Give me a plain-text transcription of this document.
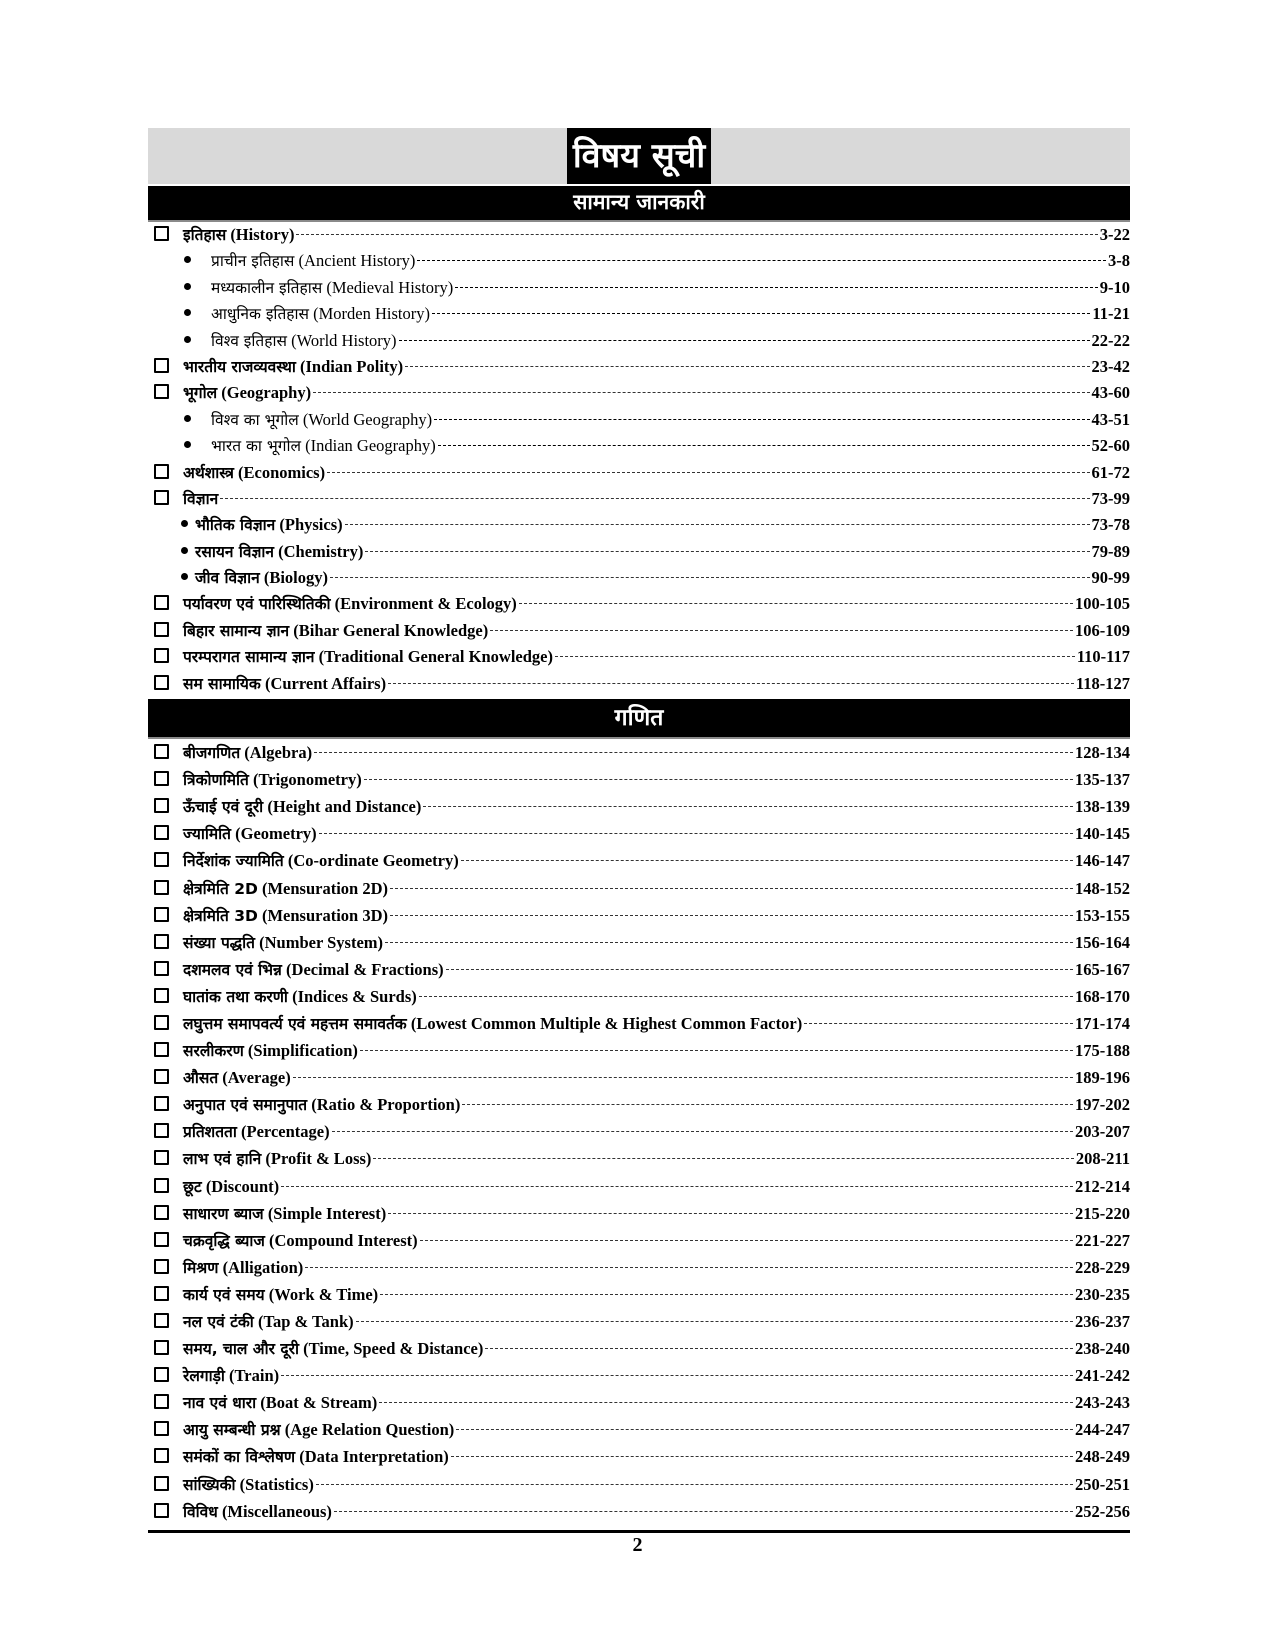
विषय सूची
सामान्य जानकारी
इतिहास (History)	3-22
प्राचीन इतिहास (Ancient History)	3-8
मध्यकालीन इतिहास (Medieval History)	9-10
आधुनिक इतिहास (Morden History)	11-21
विश्व इतिहास (World History)	22-22
भारतीय राजव्यवस्था (Indian Polity)	23-42
भूगोल (Geography)	43-60
विश्व का भूगोल (World Geography)	43-51
भारत का भूगोल (Indian Geography)	52-60
अर्थशास्त्र (Economics)	61-72
विज्ञान	73-99
भौतिक विज्ञान (Physics)	73-78
रसायन विज्ञान (Chemistry)	79-89
जीव विज्ञान (Biology)	90-99
पर्यावरण एवं पारिस्थितिकी (Environment & Ecology)	100-105
बिहार सामान्य ज्ञान (Bihar General Knowledge)	106-109
परम्परागत सामान्य ज्ञान (Traditional General Knowledge)	110-117
सम सामायिक (Current Affairs)	118-127
गणित
बीजगणित (Algebra)	128-134
त्रिकोणमिति (Trigonometry)	135-137
ऊँचाई एवं दूरी (Height and Distance)	138-139
ज्यामिति (Geometry)	140-145
निर्देशांक ज्यामिति (Co-ordinate Geometry)	146-147
क्षेत्रमिति 2D (Mensuration 2D)	148-152
क्षेत्रमिति 3D (Mensuration 3D)	153-155
संख्या पद्धति (Number System)	156-164
दशमलव एवं भिन्न (Decimal & Fractions)	165-167
घातांक तथा करणी (Indices & Surds)	168-170
लघुत्तम समापवर्त्य एवं महत्तम समावर्तक (Lowest Common Multiple & Highest Common Factor)	171-174
सरलीकरण (Simplification)	175-188
औसत (Average)	189-196
अनुपात एवं समानुपात (Ratio & Proportion)	197-202
प्रतिशतता (Percentage)	203-207
लाभ एवं हानि (Profit & Loss)	208-211
छूट (Discount)	212-214
साधारण ब्याज (Simple Interest)	215-220
चक्रवृद्धि ब्याज (Compound Interest)	221-227
मिश्रण (Alligation)	228-229
कार्य एवं समय (Work & Time)	230-235
नल एवं टंकी (Tap & Tank)	236-237
समय, चाल और दूरी (Time, Speed & Distance)	238-240
रेलगाड़ी (Train)	241-242
नाव एवं धारा (Boat & Stream)	243-243
आयु सम्बन्धी प्रश्न (Age Relation Question)	244-247
समंकों का विश्लेषण (Data Interpretation)	248-249
सांख्यिकी (Statistics)	250-251
विविध (Miscellaneous)	252-256
2
